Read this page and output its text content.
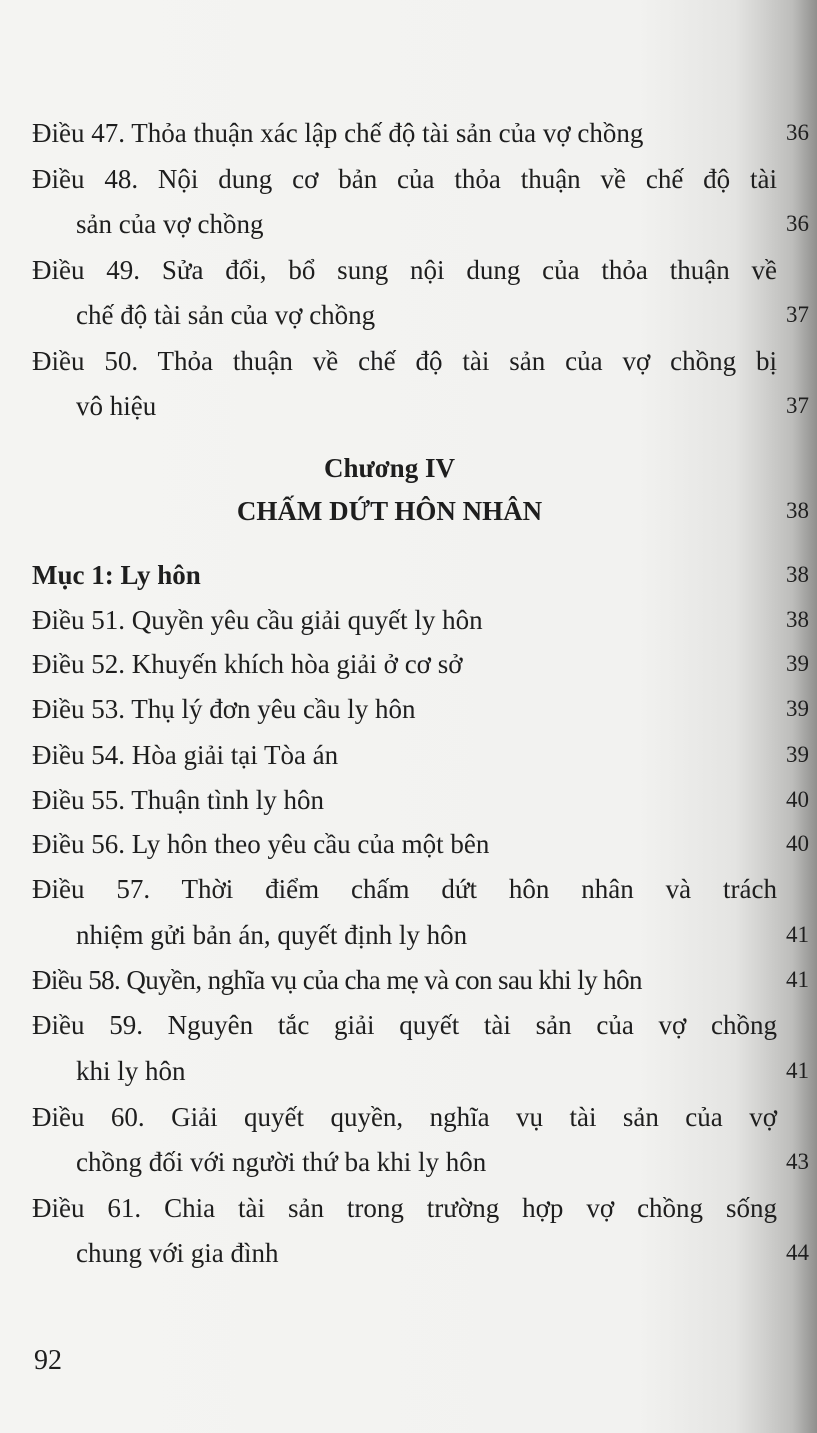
Điều 47. Thỏa thuận xác lập chế độ tài sản của vợ chồng	36
Điều 48. Nội dung cơ bản của thỏa thuận về chế độ tài
sản của vợ chồng	36
Điều 49. Sửa đổi, bổ sung nội dung của thỏa thuận về
chế độ tài sản của vợ chồng	37
Điều 50. Thỏa thuận về chế độ tài sản của vợ chồng bị
vô hiệu	37
Chương IV
CHẤM DỨT HÔN NHÂN	38
Mục 1: Ly hôn	38
Điều 51. Quyền yêu cầu giải quyết ly hôn	38
Điều 52. Khuyến khích hòa giải ở cơ sở	39
Điều 53. Thụ lý đơn yêu cầu ly hôn	39
Điều 54. Hòa giải tại Tòa án	39
Điều 55. Thuận tình ly hôn	40
Điều 56. Ly hôn theo yêu cầu của một bên	40
Điều 57. Thời điểm chấm dứt hôn nhân và trách
nhiệm gửi bản án, quyết định ly hôn	41
Điều 58. Quyền, nghĩa vụ của cha mẹ và con sau khi ly hôn	41
Điều 59. Nguyên tắc giải quyết tài sản của vợ chồng
khi ly hôn	41
Điều 60. Giải quyết quyền, nghĩa vụ tài sản của vợ
chồng đối với người thứ ba khi ly hôn	43
Điều 61. Chia tài sản trong trường hợp vợ chồng sống
chung với gia đình	44
92
